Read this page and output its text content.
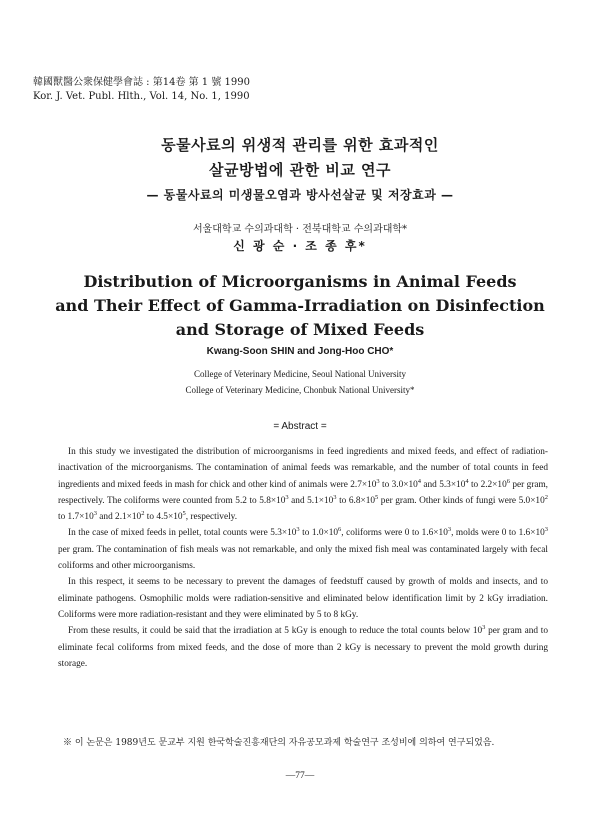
韓國獸醫公衆保健學會誌 : 第14卷 第 1 號 1990
Kor. J. Vet. Publ. Hlth., Vol. 14, No. 1, 1990
동물사료의 위생적 관리를 위한 효과적인
살균방법에 관한 비교 연구
— 동물사료의 미생물오염과 방사선살균 및 저장효과 —
서울대학교 수의과대학 · 전북대학교 수의과대학*
신 광 순 · 조 종 후*
Distribution of Microorganisms in Animal Feeds
and Their Effect of Gamma-Irradiation on Disinfection
and Storage of Mixed Feeds
Kwang-Soon SHIN and Jong-Hoo CHO*
College of Veterinary Medicine, Seoul National University
College of Veterinary Medicine, Chonbuk National University*
= Abstract =

In this study we investigated the distribution of microorganisms in feed ingredients and mixed feeds, and effect of radiation-inactivation of the microorganisms. The contamination of animal feeds was remarkable, and the number of total counts in feed ingredients and mixed feeds in mash for chick and other kind of animals were $2.7\times 10^3$ to $3.0\times 10^4$ and $5.3\times 10^4$ to $2.2\times 10^6$ per gram, respectively. The coliforms were counted from 5.2 to $5.8\times 10^3$ and $5.1\times 10^3$ to $6.8\times 10^5$ per gram. Other kinds of fungi were $5.0\times 10^2$ to $1.7\times 10^3$ and $2.1\times 10^2$ to $4.5\times 10^5$, respectively.

In the case of mixed feeds in pellet, total counts were $5.3\times 10^3$ to $1.0\times 10^6$, coliforms were 0 to $1.6\times 10^3$, molds were 0 to $1.6\times 10^3$ per gram. The contamination of fish meals was not remarkable, and only the mixed fish meal was contaminated largely with fecal coliforms and other microorganisms.

In this respect, it seems to be necessary to prevent the damages of feedstuff caused by growth of molds and insects, and to eliminate pathogens. Osmophilic molds were radiation-sensitive and eliminated below identification limit by 2 kGy irradiation. Coliforms were more radiation-resistant and they were eliminated by 5 to 8 kGy.

From these results, it could be said that the irradiation at 5 kGy is enough to reduce the total counts below $10^3$ per gram and to eliminate fecal coliforms from mixed feeds, and the dose of more than 2 kGy is necessary to prevent the mold growth during storage.

※ 이 논문은 1989년도 문교부 지원 한국학술진흥재단의 자유공모과제 학술연구 조성비에 의하여 연구되었음.
—77—
